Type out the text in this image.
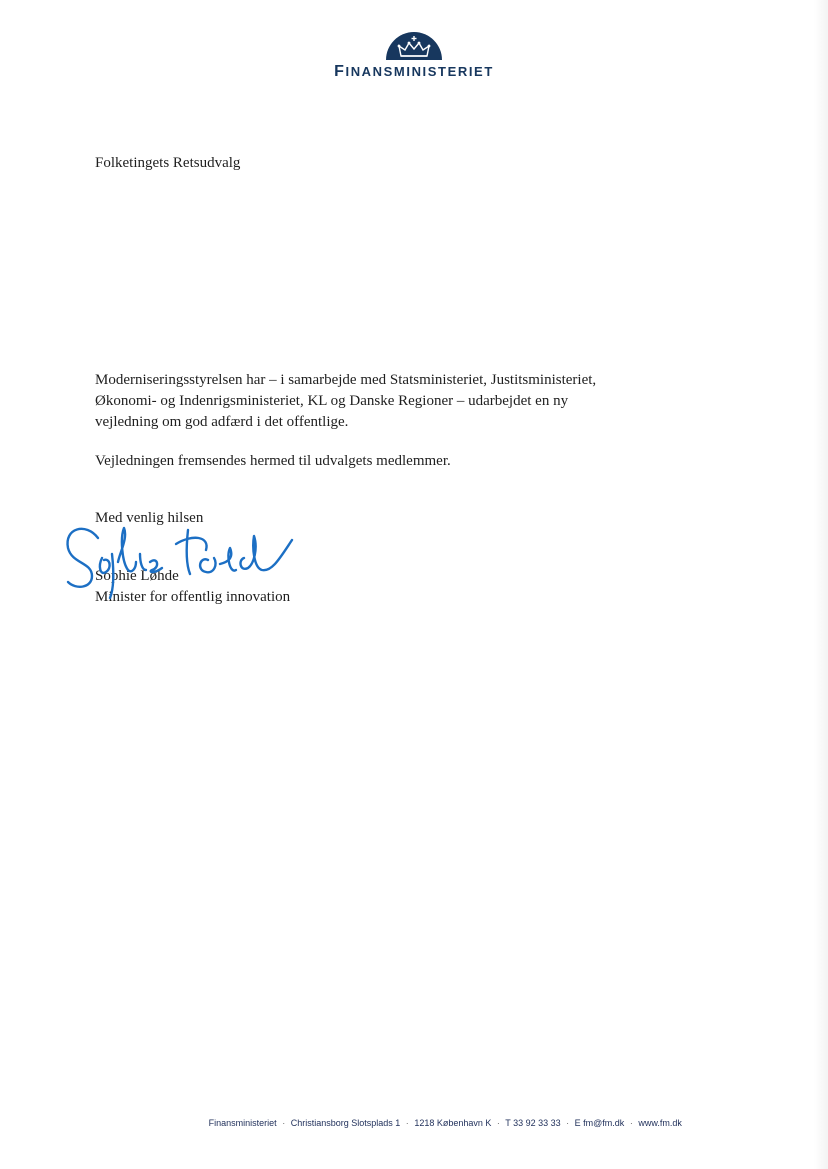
FINANSMINISTERIET
Folketingets Retsudvalg

Moderniseringsstyrelsen har – i samarbejde med Statsministeriet, Justitsministeriet, Økonomi- og Indenrigsministeriet, KL og Danske Regioner – udarbejdet en ny vejledning om god adfærd i det offentlige.

Vejledningen fremsendes hermed til udvalgets medlemmer.

Med venlig hilsen
Sophie Løhde
Minister for offentlig innovation
Finansministeriet · Christiansborg Slotsplads 1 · 1218 København K · T 33 92 33 33 · E fm@fm.dk · www.fm.dk
